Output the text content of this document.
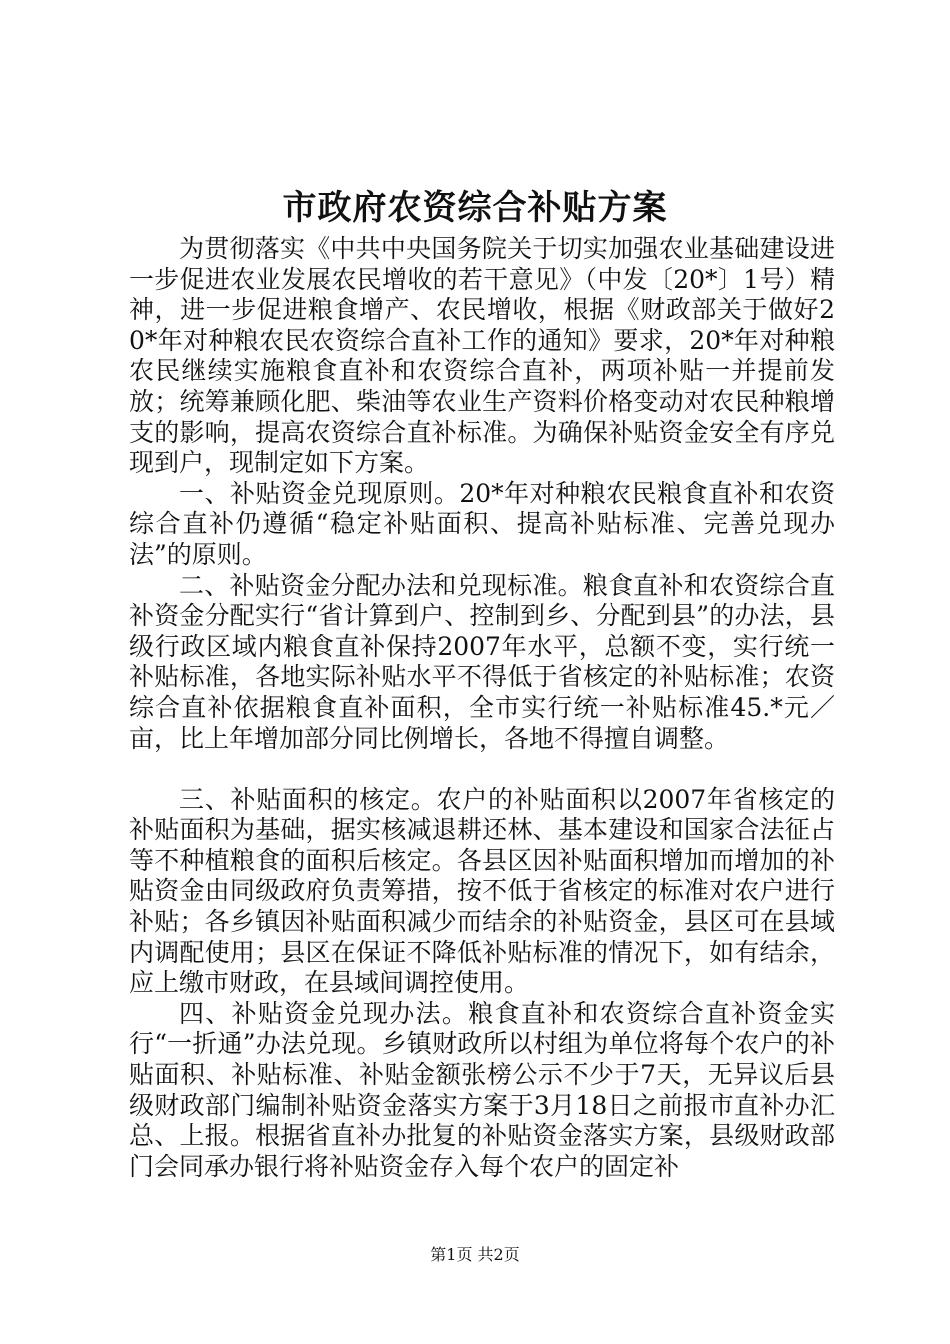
市政府农资综合补贴方案

为贯彻落实《中共中央国务院关于切实加强农业基础建设进一步促进农业发展农民增收的若干意见》（中发〔20*〕1号）精神，进一步促进粮食增产、农民增收，根据《财政部关于做好20*年对种粮农民农资综合直补工作的通知》要求，20*年对种粮农民继续实施粮食直补和农资综合直补，两项补贴一并提前发放；统筹兼顾化肥、柴油等农业生产资料价格变动对农民种粮增支的影响，提高农资综合直补标准。为确保补贴资金安全有序兑现到户，现制定如下方案。

一、补贴资金兑现原则。20*年对种粮农民粮食直补和农资综合直补仍遵循“稳定补贴面积、提高补贴标准、完善兑现办法”的原则。

二、补贴资金分配办法和兑现标准。粮食直补和农资综合直补资金分配实行“省计算到户、控制到乡、分配到县”的办法，县级行政区域内粮食直补保持2007年水平，总额不变，实行统一补贴标准，各地实际补贴水平不得低于省核定的补贴标准；农资综合直补依据粮食直补面积，全市实行统一补贴标准45.*元／亩，比上年增加部分同比例增长，各地不得擅自调整。

三、补贴面积的核定。农户的补贴面积以2007年省核定的补贴面积为基础，据实核减退耕还林、基本建设和国家合法征占等不种植粮食的面积后核定。各县区因补贴面积增加而增加的补贴资金由同级政府负责筹措，按不低于省核定的标准对农户进行补贴；各乡镇因补贴面积减少而结余的补贴资金，县区可在县域内调配使用；县区在保证不降低补贴标准的情况下，如有结余，应上缴市财政，在县域间调控使用。

四、补贴资金兑现办法。粮食直补和农资综合直补资金实行“一折通”办法兑现。乡镇财政所以村组为单位将每个农户的补贴面积、补贴标准、补贴金额张榜公示不少于7天，无异议后县级财政部门编制补贴资金落实方案于3月18日之前报市直补办汇总、上报。根据省直补办批复的补贴资金落实方案，县级财政部门会同承办银行将补贴资金存入每个农户的固定补

第1页 共2页
